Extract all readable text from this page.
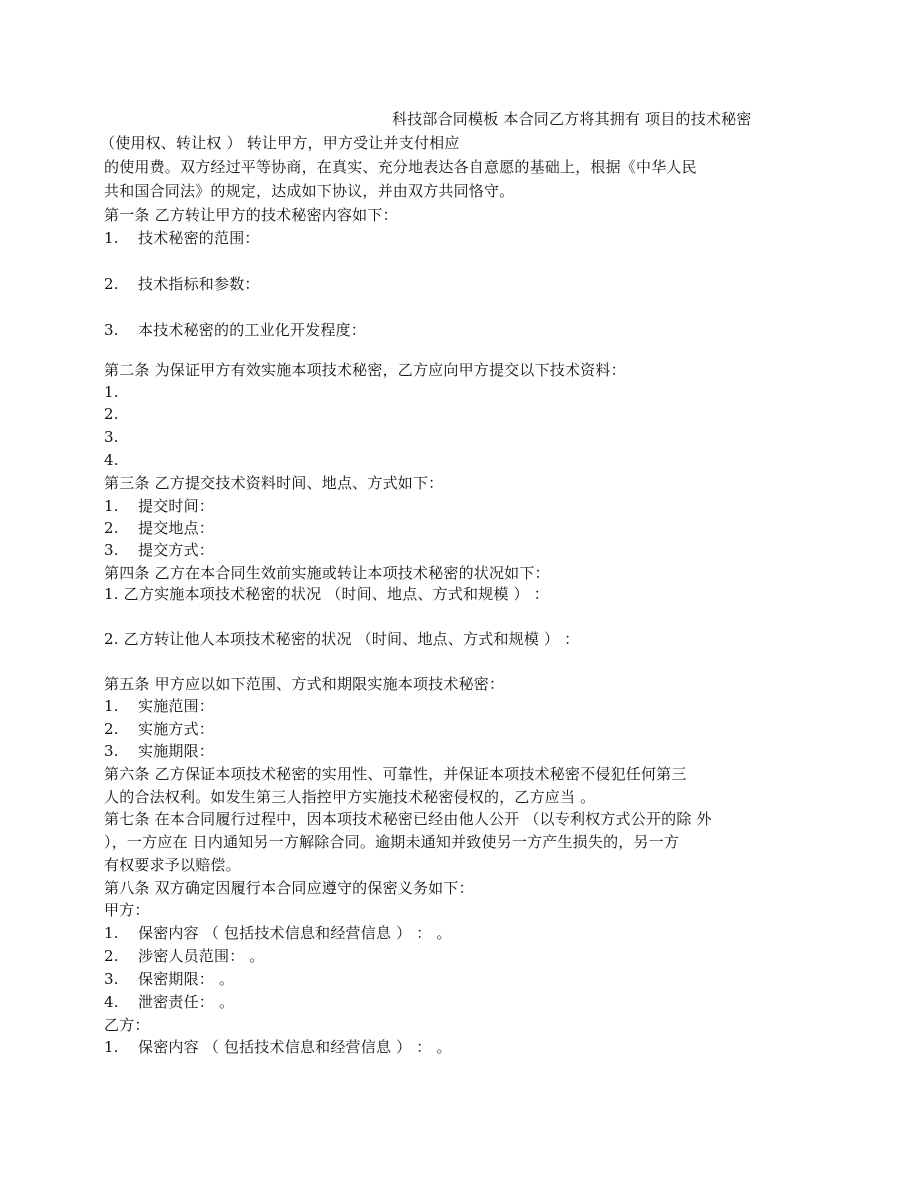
科技部合同模板 本合同乙方将其拥有 项目的技术秘密
（使用权、转让权 ） 转让甲方，甲方受让并支付相应
的使用费。双方经过平等协商，在真实、充分地表达各自意愿的基础上，根据《中华人民
共和国合同法》的规定，达成如下协议，并由双方共同恪守。
第一条 乙方转让甲方的技术秘密内容如下：
1. 技术秘密的范围：
2. 技术指标和参数：
3. 本技术秘密的的工业化开发程度：
第二条 为保证甲方有效实施本项技术秘密，乙方应向甲方提交以下技术资料：
1.
2.
3.
4.
第三条 乙方提交技术资料时间、地点、方式如下：
1. 提交时间：
2. 提交地点：
3. 提交方式：
第四条 乙方在本合同生效前实施或转让本项技术秘密的状况如下：
1. 乙方实施本项技术秘密的状况 （时间、地点、方式和规模 ） ：
2. 乙方转让他人本项技术秘密的状况 （时间、地点、方式和规模 ） ：
第五条 甲方应以如下范围、方式和期限实施本项技术秘密：
1. 实施范围：
2. 实施方式：
3. 实施期限：
第六条 乙方保证本项技术秘密的实用性、可靠性，并保证本项技术秘密不侵犯任何第三
人的合法权利。如发生第三人指控甲方实施技术秘密侵权的，乙方应当 。
第七条 在本合同履行过程中，因本项技术秘密已经由他人公开 （以专利权方式公开的除 外
），一方应在 日内通知另一方解除合同。逾期未通知并致使另一方产生损失的，另一方
有权要求予以赔偿。
第八条 双方确定因履行本合同应遵守的保密义务如下：
甲方：
1. 保密内容 （ 包括技术信息和经营信息 ） ： 。
2. 涉密人员范围： 。
3. 保密期限： 。
4. 泄密责任： 。
乙方：
1. 保密内容 （ 包括技术信息和经营信息 ） ： 。
